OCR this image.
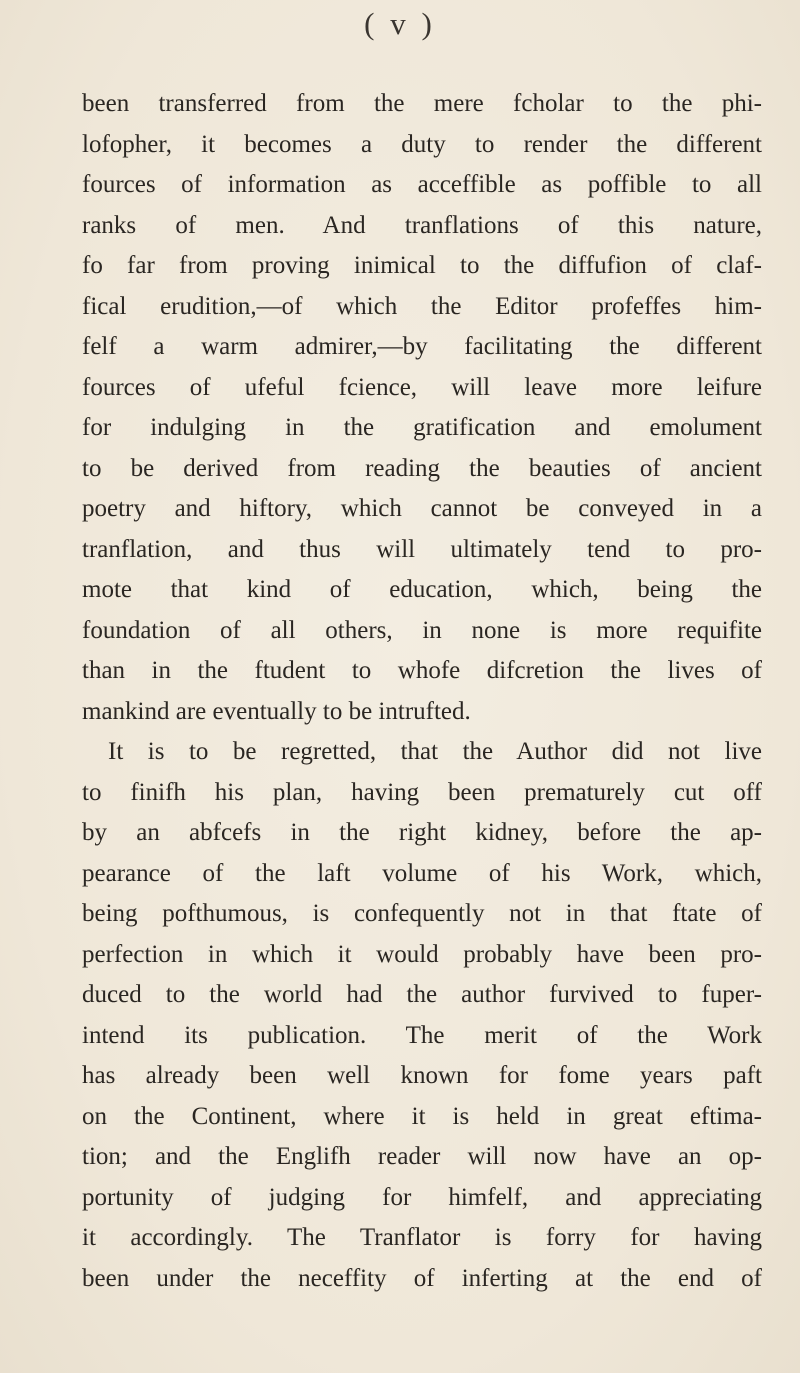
( v )
been transferred from the mere fcholar to the phi-
lofopher, it becomes a duty to render the different
fources of information as acceffible as poffible to all
ranks of men. And tranflations of this nature,
fo far from proving inimical to the diffufion of claf-
fical erudition,—of which the Editor profeffes him-
felf a warm admirer,—by facilitating the different
fources of ufeful fcience, will leave more leifure
for indulging in the gratification and emolument
to be derived from reading the beauties of ancient
poetry and hiftory, which cannot be conveyed in a
tranflation, and thus will ultimately tend to pro-
mote that kind of education, which, being the
foundation of all others, in none is more requifite
than in the ftudent to whofe difcretion the lives of
mankind are eventually to be intrufted.
It is to be regretted, that the Author did not live
to finifh his plan, having been prematurely cut off
by an abfcefs in the right kidney, before the ap-
pearance of the laft volume of his Work, which,
being pofthumous, is confequently not in that ftate of
perfection in which it would probably have been pro-
duced to the world had the author furvived to fuper-
intend its publication. The merit of the Work
has already been well known for fome years paft
on the Continent, where it is held in great eftima-
tion; and the Englifh reader will now have an op-
portunity of judging for himfelf, and appreciating
it accordingly. The Tranflator is forry for having
been under the neceffity of inferting at the end of
